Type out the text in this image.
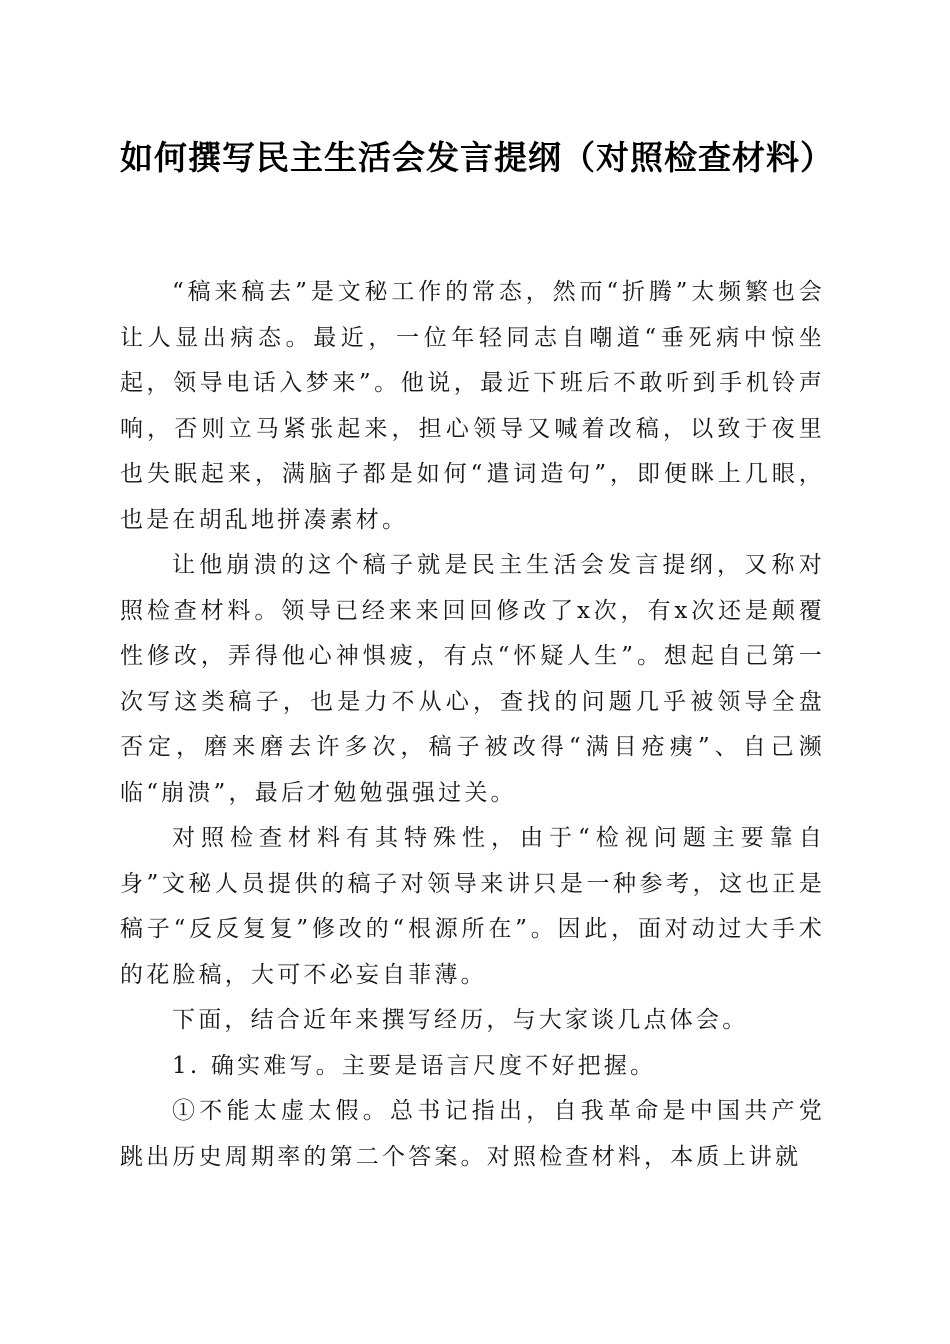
如何撰写民主生活会发言提纲（对照检查材料）

“稿来稿去”是文秘工作的常态，然而“折腾”太频繁也会让人显出病态。最近，一位年轻同志自嘲道“垂死病中惊坐起，领导电话入梦来”。他说，最近下班后不敢听到手机铃声响，否则立马紧张起来，担心领导又喊着改稿，以致于夜里也失眠起来，满脑子都是如何“遣词造句”，即便眯上几眼，也是在胡乱地拼凑素材。

让他崩溃的这个稿子就是民主生活会发言提纲，又称对照检查材料。领导已经来来回回修改了x次，有x次还是颠覆性修改，弄得他心神惧疲，有点“怀疑人生”。想起自己第一次写这类稿子，也是力不从心，查找的问题几乎被领导全盘否定，磨来磨去许多次，稿子被改得“满目疮痍”、自己濒临“崩溃”，最后才勉勉强强过关。

对照检查材料有其特殊性，由于“检视问题主要靠自身”文秘人员提供的稿子对领导来讲只是一种参考，这也正是稿子“反反复复”修改的“根源所在”。因此，面对动过大手术的花脸稿，大可不必妄自菲薄。

下面，结合近年来撰写经历，与大家谈几点体会。

1. 确实难写。主要是语言尺度不好把握。

①不能太虚太假。总书记指出，自我革命是中国共产党跳出历史周期率的第二个答案。对照检查材料，本质上讲就
